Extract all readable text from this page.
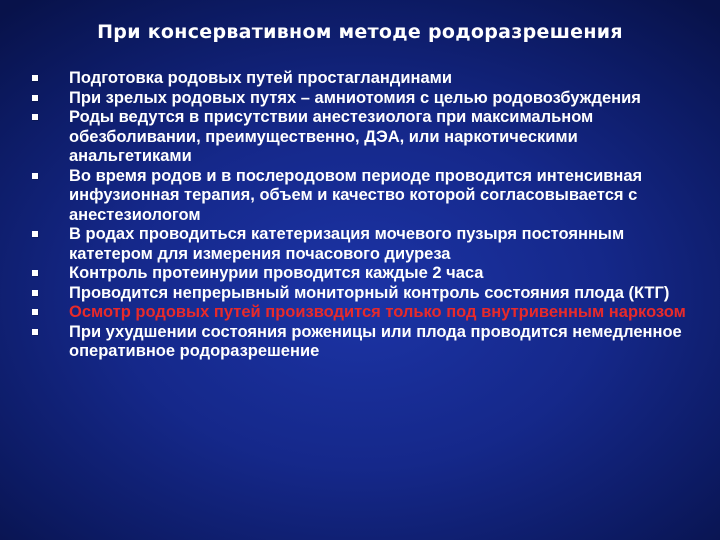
При консервативном методе родоразрешения
Подготовка родовых путей простагландинами
При зрелых родовых путях – амниотомия с целью родовозбуждения
Роды ведутся в присутствии анестезиолога при максимальном обезболивании, преимущественно, ДЭА, или наркотическими анальгетиками
Во время родов и в послеродовом периоде проводится интенсивная инфузионная терапия, объем и качество которой согласовывается с анестезиологом
В родах проводиться катетеризация мочевого пузыря постоянным катетером для измерения почасового диуреза
Контроль протеинурии проводится каждые 2 часа
Проводится непрерывный мониторный контроль состояния плода (КТГ)
Осмотр родовых путей производится только под внутривенным наркозом
При ухудшении состояния роженицы или плода проводится немедленное оперативное родоразрешение
